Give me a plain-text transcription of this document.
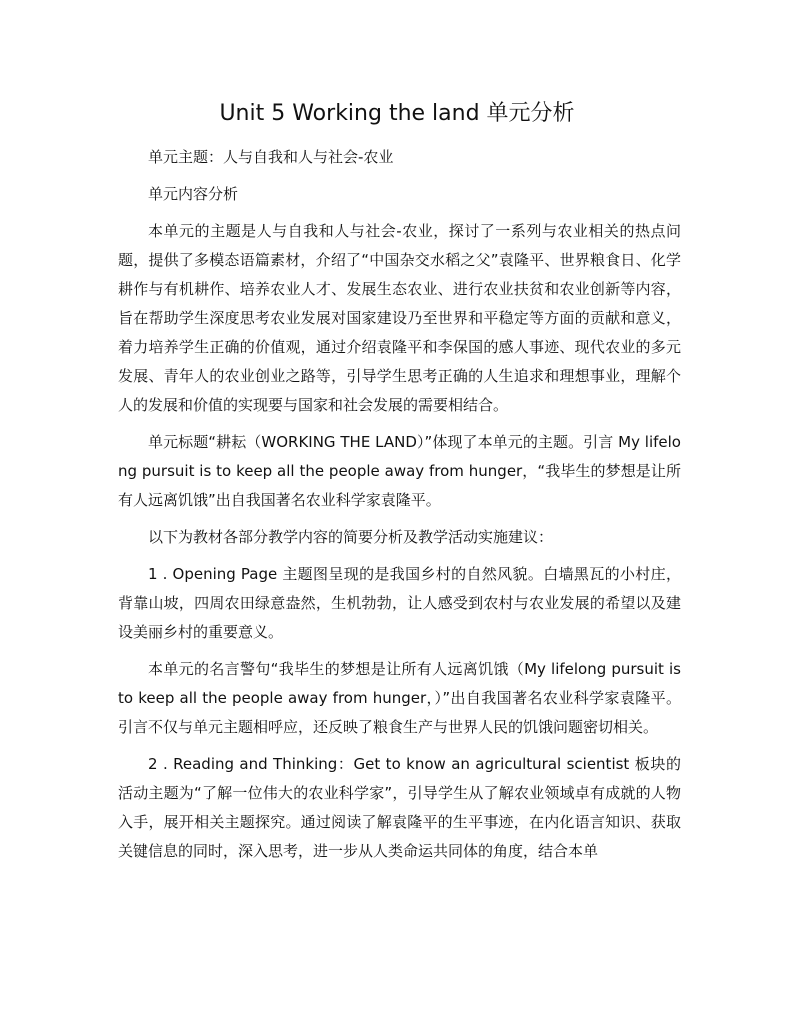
Unit 5 Working the land 单元分析

单元主题：人与自我和人与社会-农业

单元内容分析

本单元的主题是人与自我和人与社会-农业，探讨了一系列与农业相关的热点问题，提供了多模态语篇素材，介绍了“中国杂交水稻之父”袁隆平、世界粮食日、化学耕作与有机耕作、培养农业人才、发展生态农业、进行农业扶贫和农业创新等内容，旨在帮助学生深度思考农业发展对国家建设乃至世界和平稳定等方面的贡献和意义，着力培养学生正确的价值观，通过介绍袁隆平和李保国的感人事迹、现代农业的多元发展、青年人的农业创业之路等，引导学生思考正确的人生追求和理想事业，理解个人的发展和价值的实现要与国家和社会发展的需要相结合。

单元标题“耕耘（WORKING THE LAND）”体现了本单元的主题。引言 My lifelong pursuit is to keep all the people away from hunger，“我毕生的梦想是让所有人远离饥饿”出自我国著名农业科学家袁隆平。

以下为教材各部分教学内容的简要分析及教学活动实施建议：

1 . Opening Page 主题图呈现的是我国乡村的自然风貌。白墙黑瓦的小村庄，背靠山坡，四周农田绿意盎然，生机勃勃，让人感受到农村与农业发展的希望以及建设美丽乡村的重要意义。

本单元的名言警句“我毕生的梦想是让所有人远离饥饿（My lifelong pursuit is to keep all the people away from hunger，）”出自我国著名农业科学家袁隆平。引言不仅与单元主题相呼应，还反映了粮食生产与世界人民的饥饿问题密切相关。

2 . Reading and Thinking：Get to know an agricultural scientist 板块的活动主题为“了解一位伟大的农业科学家”，引导学生从了解农业领域卓有成就的人物入手，展开相关主题探究。通过阅读了解袁隆平的生平事迹，在内化语言知识、获取关键信息的同时，深入思考，进一步从人类命运共同体的角度，结合本单
